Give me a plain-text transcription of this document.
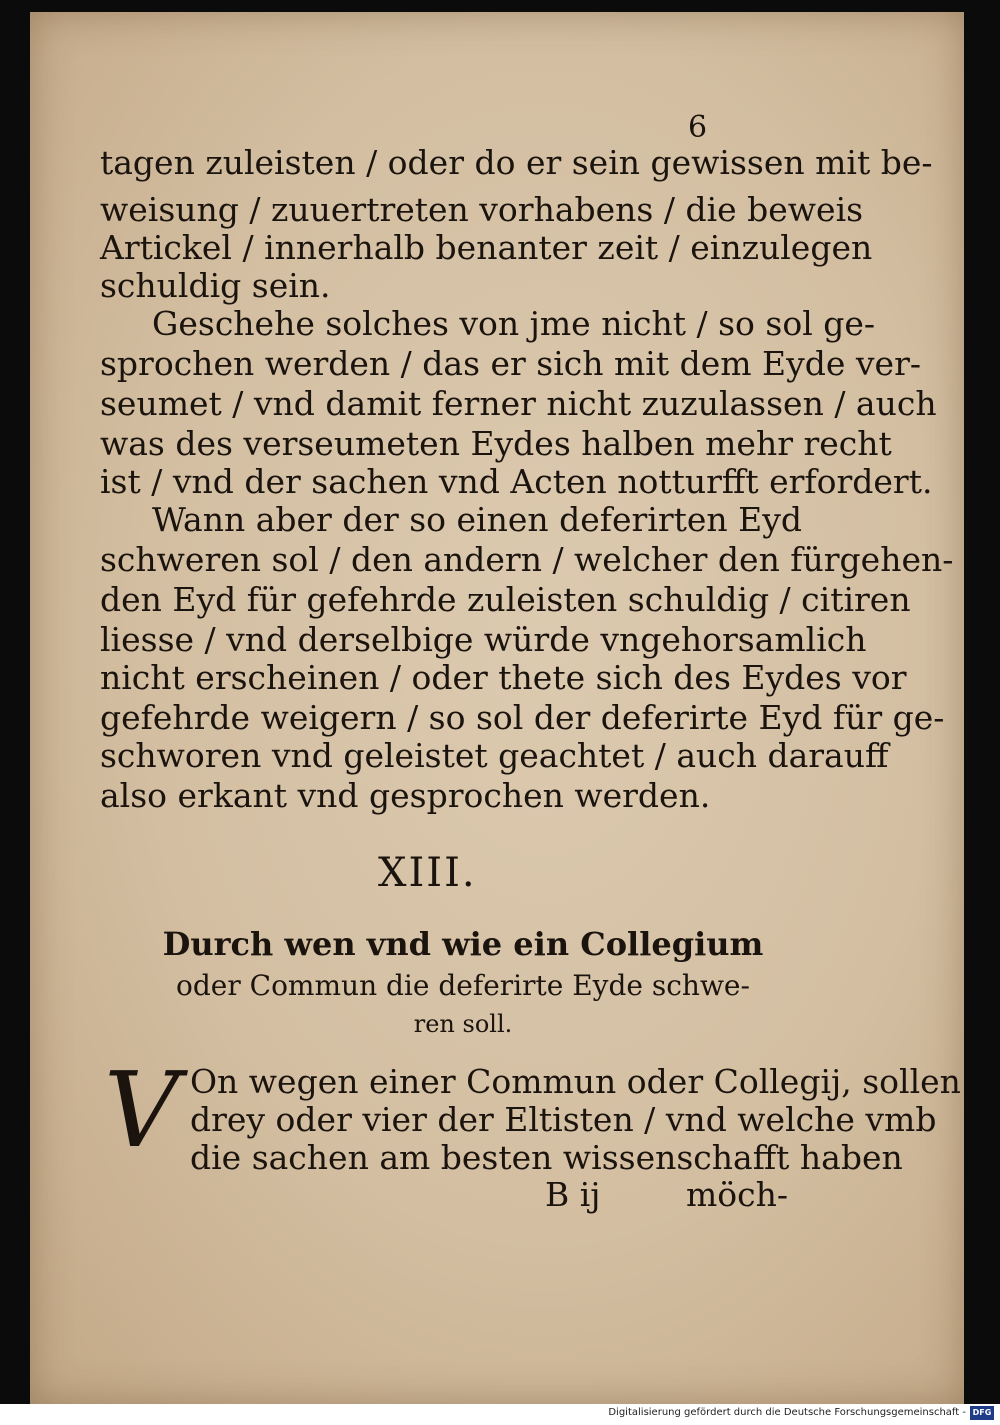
6
tagen zuleisten / oder do er sein gewissen mit be-
weisung / zuuertreten vorhabens / die beweis
Artickel / innerhalb benanter zeit / einzulegen
schuldig sein.
Geschehe solches von jme nicht / so sol ge-
sprochen werden / das er sich mit dem Eyde ver-
seumet / vnd damit ferner nicht zuzulassen / auch
was des verseumeten Eydes halben mehr recht
ist / vnd der sachen vnd Acten notturfft erfordert.
Wann aber der so einen deferirten Eyd
schweren sol / den andern / welcher den fürgehen-
den Eyd für gefehrde zuleisten schuldig / citiren
liesse / vnd derselbige würde vngehorsamlich
nicht erscheinen / oder thete sich des Eydes vor
gefehrde weigern / so sol der deferirte Eyd für ge-
schworen vnd geleistet geachtet / auch darauff
also erkant vnd gesprochen werden.
XIII.
Durch wen vnd wie ein Collegium
oder Commun die deferirte Eyde schwe-
ren soll.
V On wegen einer Commun oder Collegij, sollen
drey oder vier der Eltisten / vnd welche vmb
die sachen am besten wissenschafft haben
B ij	möch-
Digitalisierung gefördert durch die Deutsche Forschungsgemeinschaft - DFG
